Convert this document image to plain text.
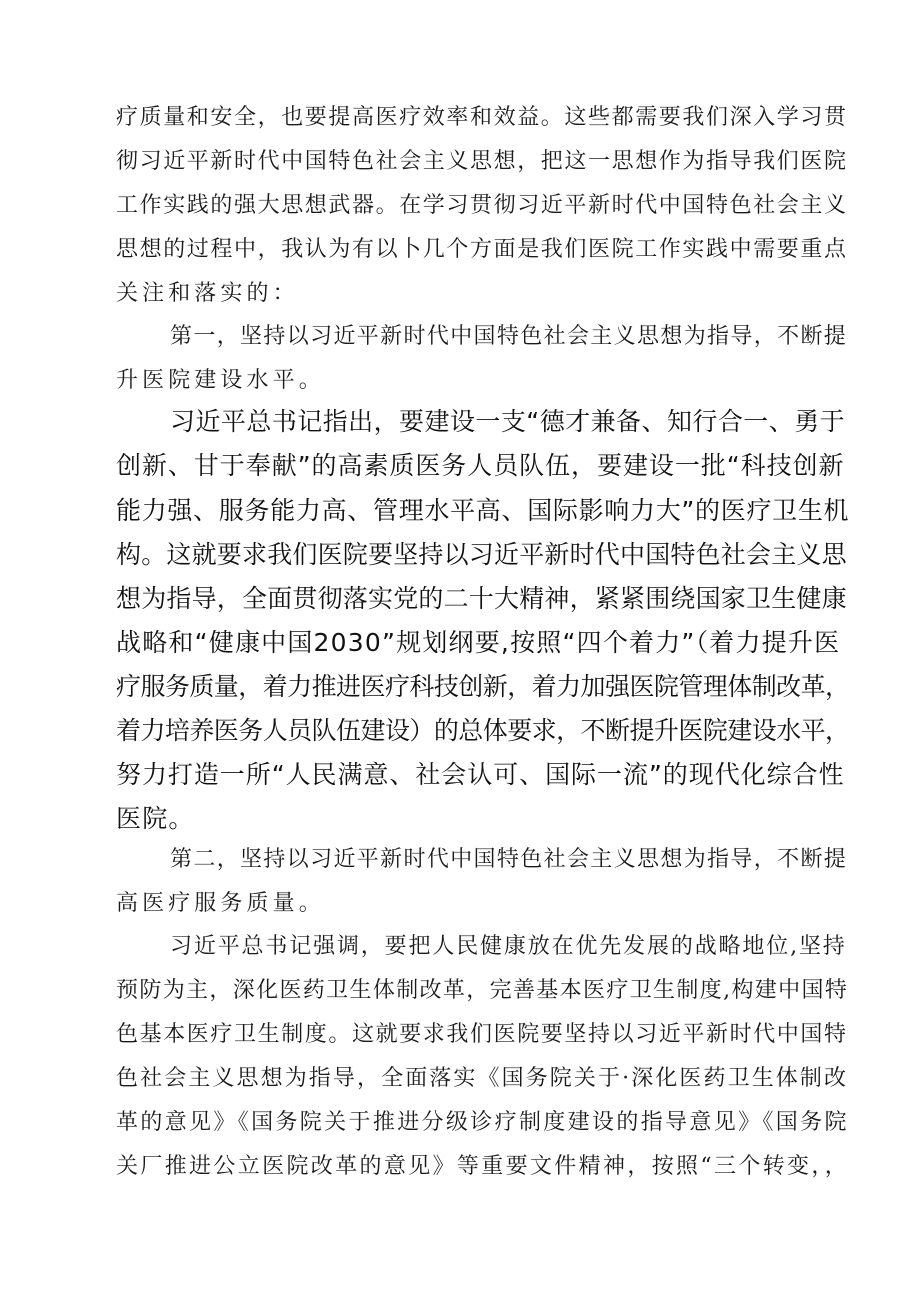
疗质量和安全，也要提高医疗效率和效益。这些都需要我们深入学习贯
彻习近平新时代中国特色社会主义思想，把这一思想作为指导我们医院
工作实践的强大思想武器。在学习贯彻习近平新时代中国特色社会主义
思想的过程中，我认为有以卜几个方面是我们医院工作实践中需要重点
关注和落实的：
第一，坚持以习近平新时代中国特色社会主义思想为指导，不断提
升医院建设水平。
习近平总书记指出，要建设一支“德才兼备、知行合一、勇于
创新、甘于奉献”的高素质医务人员队伍，要建设一批“科技创新
能力强、服务能力高、管理水平高、国际影响力大”的医疗卫生机
构。这就要求我们医院要坚持以习近平新时代中国特色社会主义思
想为指导，全面贯彻落实党的二十大精神，紧紧围绕国家卫生健康
战略和“健康中国2030”规划纲要,按照“四个着力”（着力提升医
疗服务质量，着力推进医疗科技创新，着力加强医院管理体制改革，
着力培养医务人员队伍建设）的总体要求，不断提升医院建设水平，
努力打造一所“人民满意、社会认可、国际一流”的现代化综合性
医院。
第二，坚持以习近平新时代中国特色社会主义思想为指导，不断提
高医疗服务质量。
习近平总书记强调，要把人民健康放在优先发展的战略地位,坚持
预防为主，深化医药卫生体制改革，完善基本医疗卫生制度,构建中国特
色基本医疗卫生制度。这就要求我们医院要坚持以习近平新时代中国特
色社会主义思想为指导，全面落实《国务院关于·深化医药卫生体制改
革的意见》《国务院关于推进分级诊疗制度建设的指导意见》《国务院
关厂推进公立医院改革的意见》等重要文件精神，按照“三个转变，，
